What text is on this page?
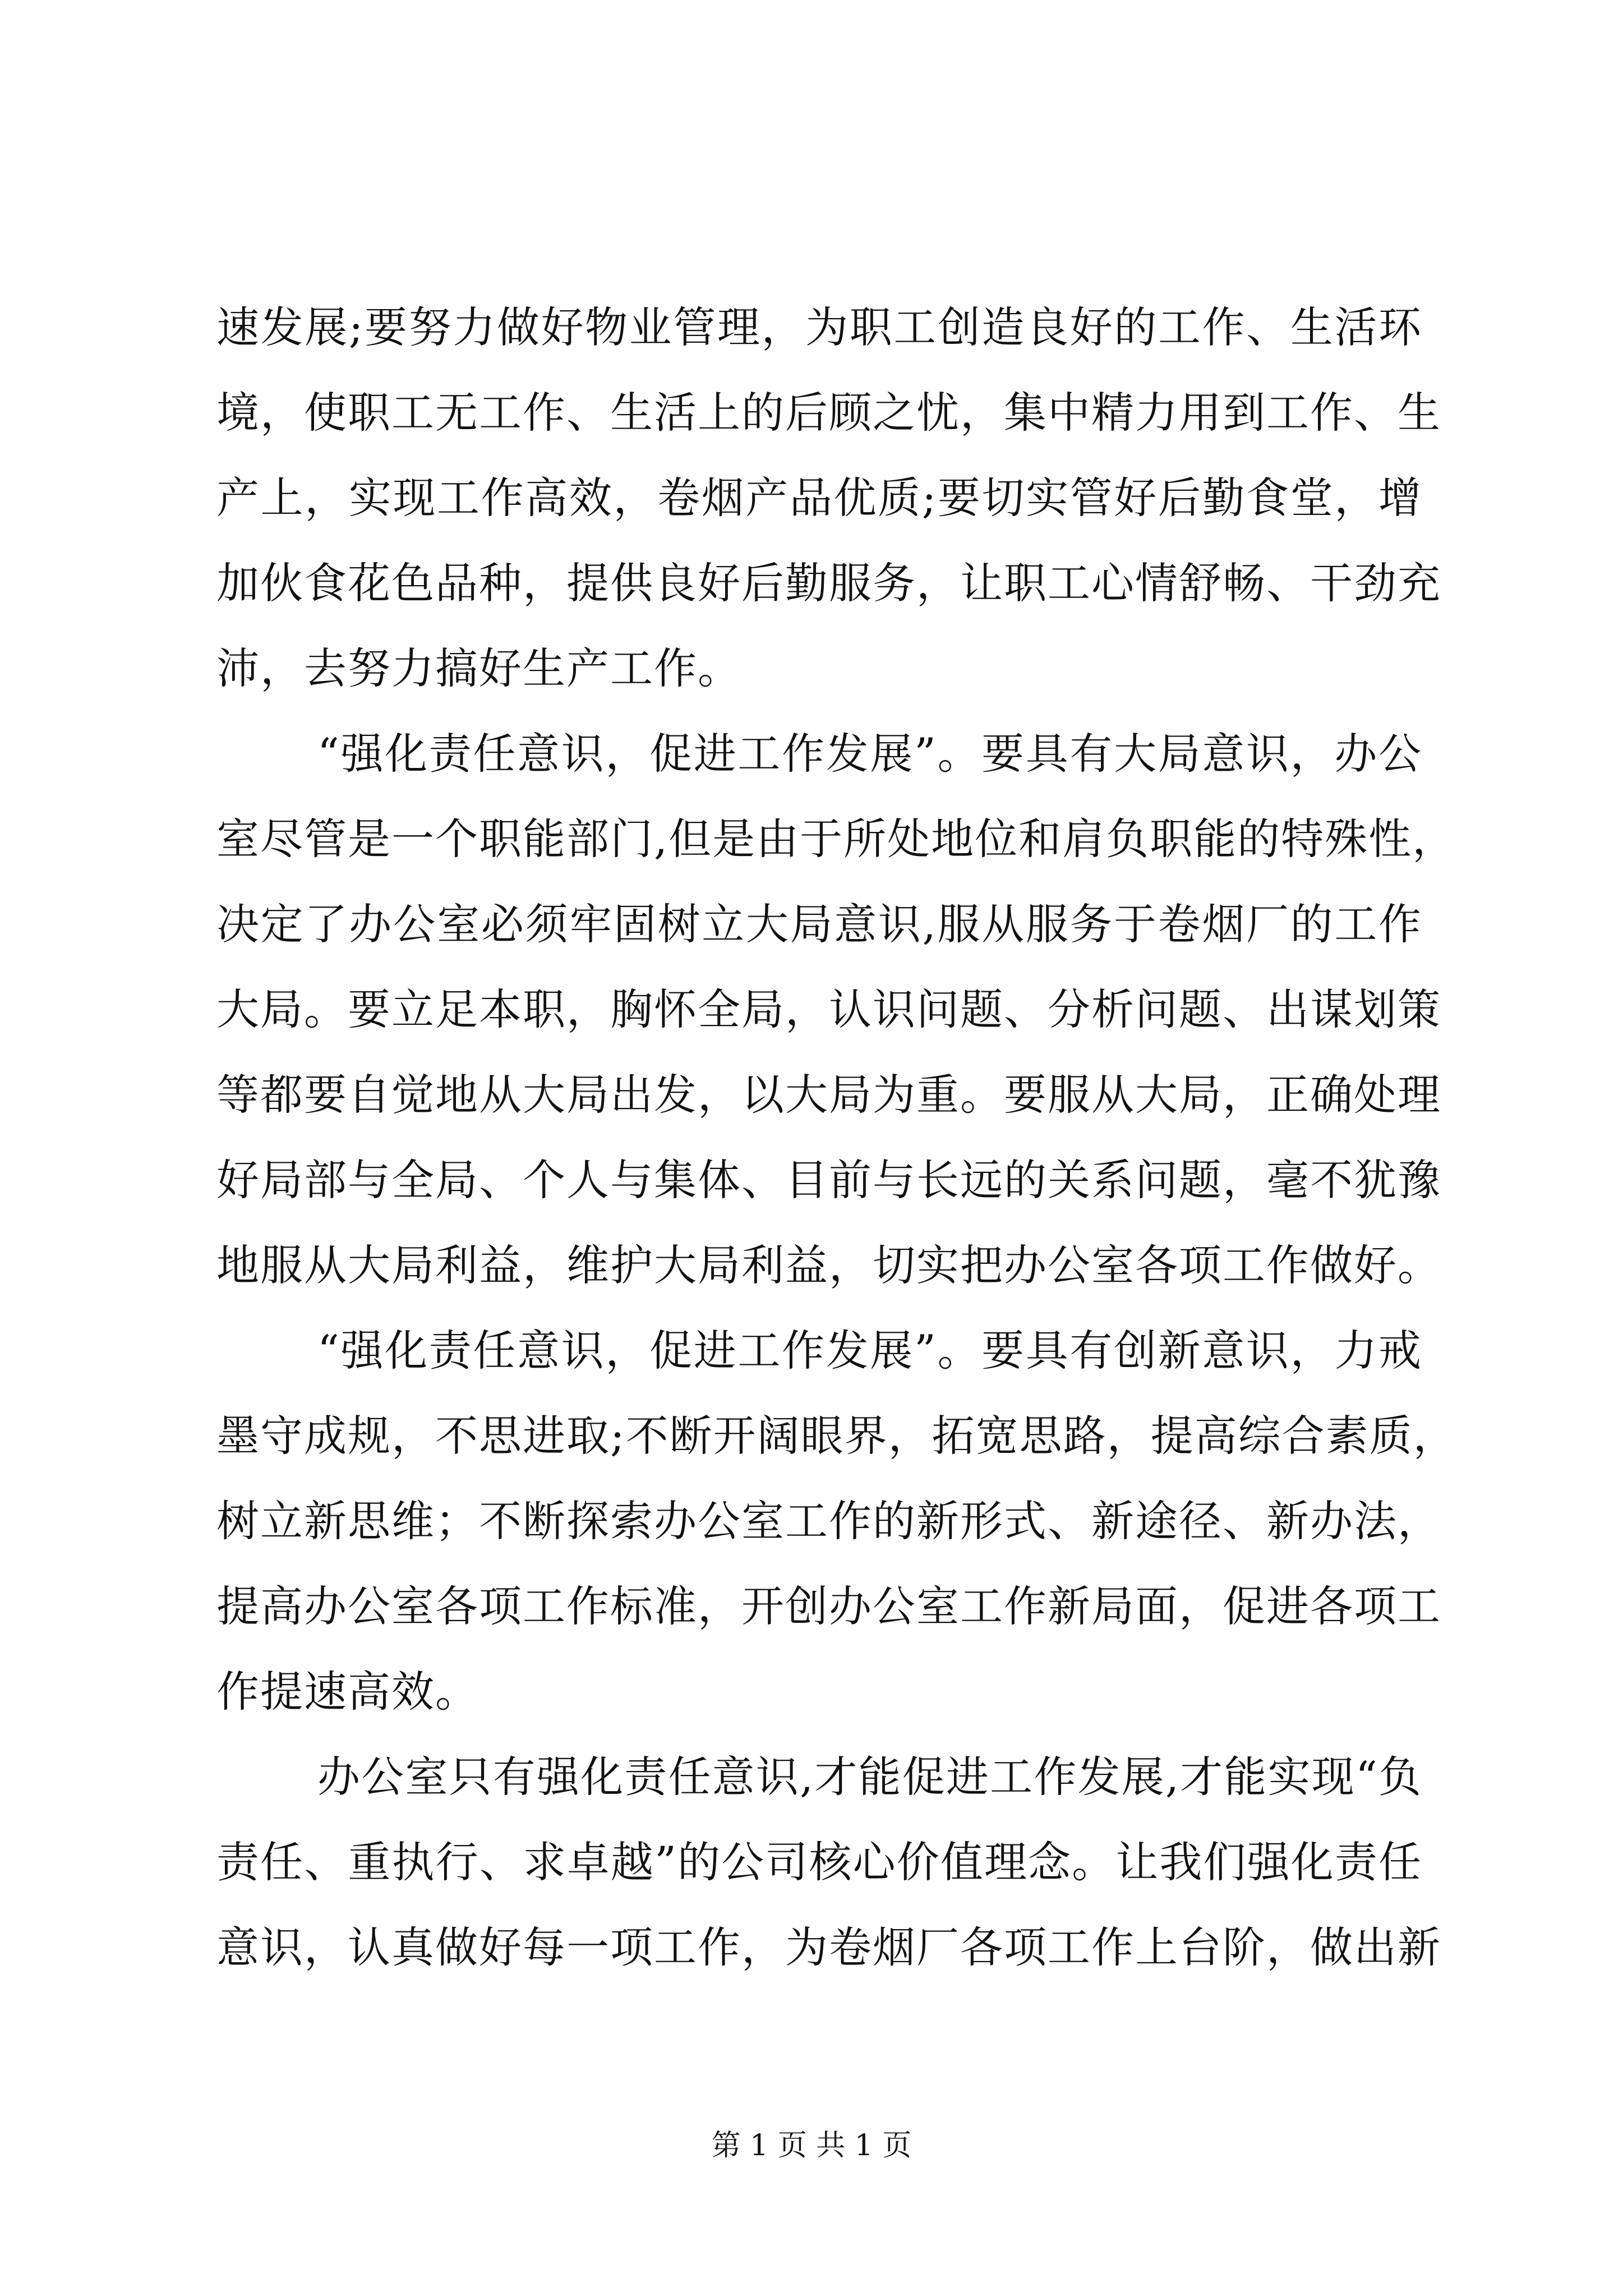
速发展;要努力做好物业管理，为职工创造良好的工作、生活环
境，使职工无工作、生活上的后顾之忧，集中精力用到工作、生
产上，实现工作高效，卷烟产品优质;要切实管好后勤食堂，增
加伙食花色品种，提供良好后勤服务，让职工心情舒畅、干劲充
沛，去努力搞好生产工作。
“强化责任意识，促进工作发展”。要具有大局意识，办公
室尽管是一个职能部门,但是由于所处地位和肩负职能的特殊性，
决定了办公室必须牢固树立大局意识,服从服务于卷烟厂的工作
大局。要立足本职，胸怀全局，认识问题、分析问题、出谋划策
等都要自觉地从大局出发，以大局为重。要服从大局，正确处理
好局部与全局、个人与集体、目前与长远的关系问题，毫不犹豫
地服从大局利益，维护大局利益，切实把办公室各项工作做好。
“强化责任意识，促进工作发展”。要具有创新意识，力戒
墨守成规，不思进取;不断开阔眼界，拓宽思路，提高综合素质，
树立新思维；不断探索办公室工作的新形式、新途径、新办法，
提高办公室各项工作标准，开创办公室工作新局面，促进各项工
作提速高效。
办公室只有强化责任意识,才能促进工作发展,才能实现“负
责任、重执行、求卓越”的公司核心价值理念。让我们强化责任
意识，认真做好每一项工作，为卷烟厂各项工作上台阶，做出新
第 1 页 共 1 页
